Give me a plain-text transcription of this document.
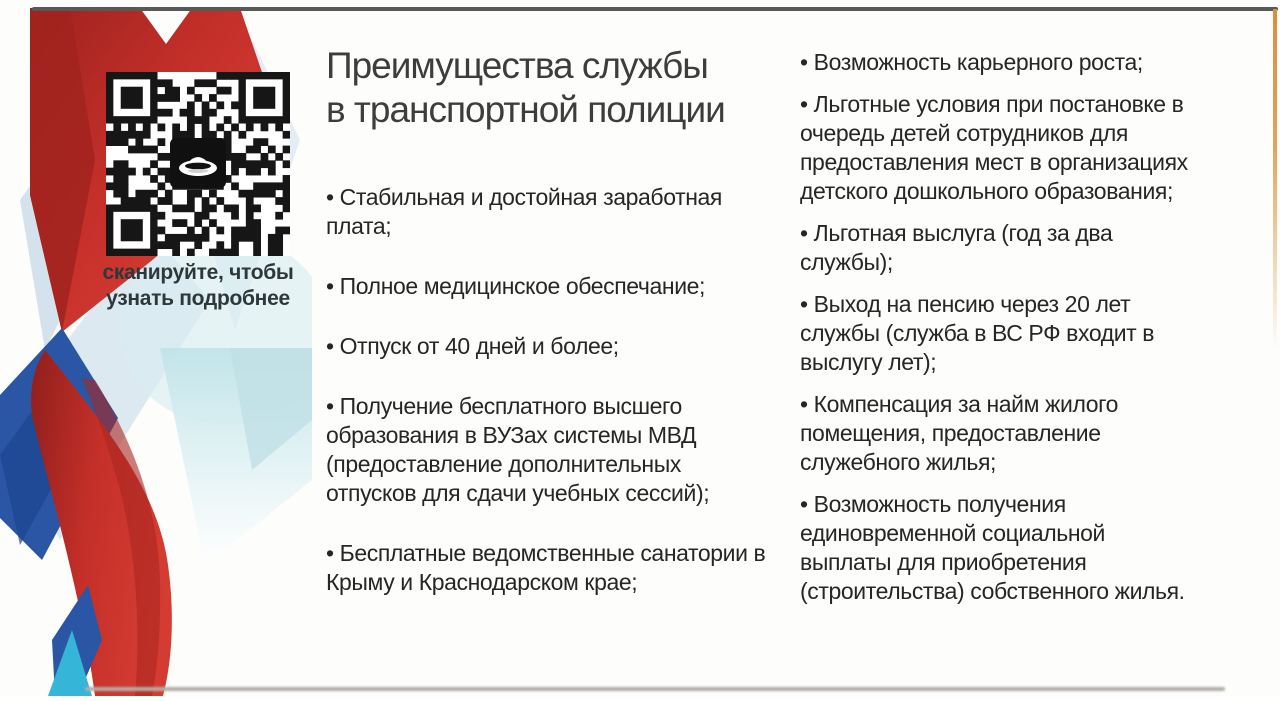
сканируйте, чтобы узнать подробнее
Преимущества службы
в транспортной полиции
• Стабильная и достойная заработная плата;
• Полное медицинское обеспечание;
• Отпуск от 40 дней и более;
• Получение бесплатного высшего образования в ВУЗах системы МВД (предоставление дополнительных отпусков для сдачи учебных сессий);
• Бесплатные ведомственные санатории в Крыму и Краснодарском крае;
• Возможность карьерного роста;
• Льготные условия при постановке в очередь детей сотрудников для предоставления мест в организациях детского дошкольного образования;
• Льготная выслуга (год за два службы);
• Выход на пенсию через 20 лет службы (служба в ВС РФ входит в выслугу лет);
• Компенсация за найм жилого помещения, предоставление служебного жилья;
• Возможность получения единовременной социальной выплаты для приобретения (строительства) собственного жилья.
